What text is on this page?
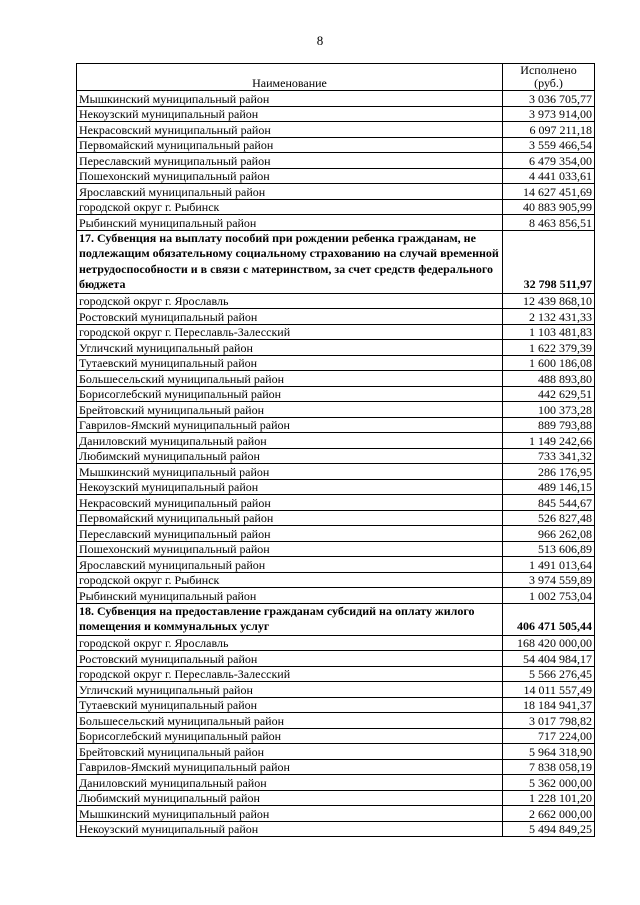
8
Наименование	Исполнено
(руб.)
Мышкинский муниципальный район	3 036 705,77
Некоузский муниципальный район	3 973 914,00
Некрасовский муниципальный район	6 097 211,18
Первомайский муниципальный район	3 559 466,54
Переславский муниципальный район	6 479 354,00
Пошехонский муниципальный район	4 441 033,61
Ярославский муниципальный район	14 627 451,69
городской округ г. Рыбинск	40 883 905,99
Рыбинский муниципальный район	8 463 856,51
17. Субвенция на выплату пособий при рождении ребенка гражданам, не подлежащим обязательному социальному страхованию на случай временной нетрудоспособности и в связи с материнством, за счет средств федерального бюджета	32 798 511,97
городской округ г. Ярославль	12 439 868,10
Ростовский муниципальный район	2 132 431,33
городской округ г. Переславль-Залесский	1 103 481,83
Угличский муниципальный район	1 622 379,39
Тутаевский муниципальный район	1 600 186,08
Большесельский муниципальный район	488 893,80
Борисоглебский муниципальный район	442 629,51
Брейтовский муниципальный район	100 373,28
Гаврилов-Ямский муниципальный район	889 793,88
Даниловский муниципальный район	1 149 242,66
Любимский муниципальный район	733 341,32
Мышкинский муниципальный район	286 176,95
Некоузский муниципальный район	489 146,15
Некрасовский муниципальный район	845 544,67
Первомайский муниципальный район	526 827,48
Переславский муниципальный район	966 262,08
Пошехонский муниципальный район	513 606,89
Ярославский муниципальный район	1 491 013,64
городской округ г. Рыбинск	3 974 559,89
Рыбинский муниципальный район	1 002 753,04
18. Субвенция на предоставление гражданам субсидий на оплату жилого помещения и коммунальных услуг	406 471 505,44
городской округ г. Ярославль	168 420 000,00
Ростовский муниципальный район	54 404 984,17
городской округ г. Переславль-Залесский	5 566 276,45
Угличский муниципальный район	14 011 557,49
Тутаевский муниципальный район	18 184 941,37
Большесельский муниципальный район	3 017 798,82
Борисоглебский муниципальный район	717 224,00
Брейтовский муниципальный район	5 964 318,90
Гаврилов-Ямский муниципальный район	7 838 058,19
Даниловский муниципальный район	5 362 000,00
Любимский муниципальный район	1 228 101,20
Мышкинский муниципальный район	2 662 000,00
Некоузский муниципальный район	5 494 849,25
